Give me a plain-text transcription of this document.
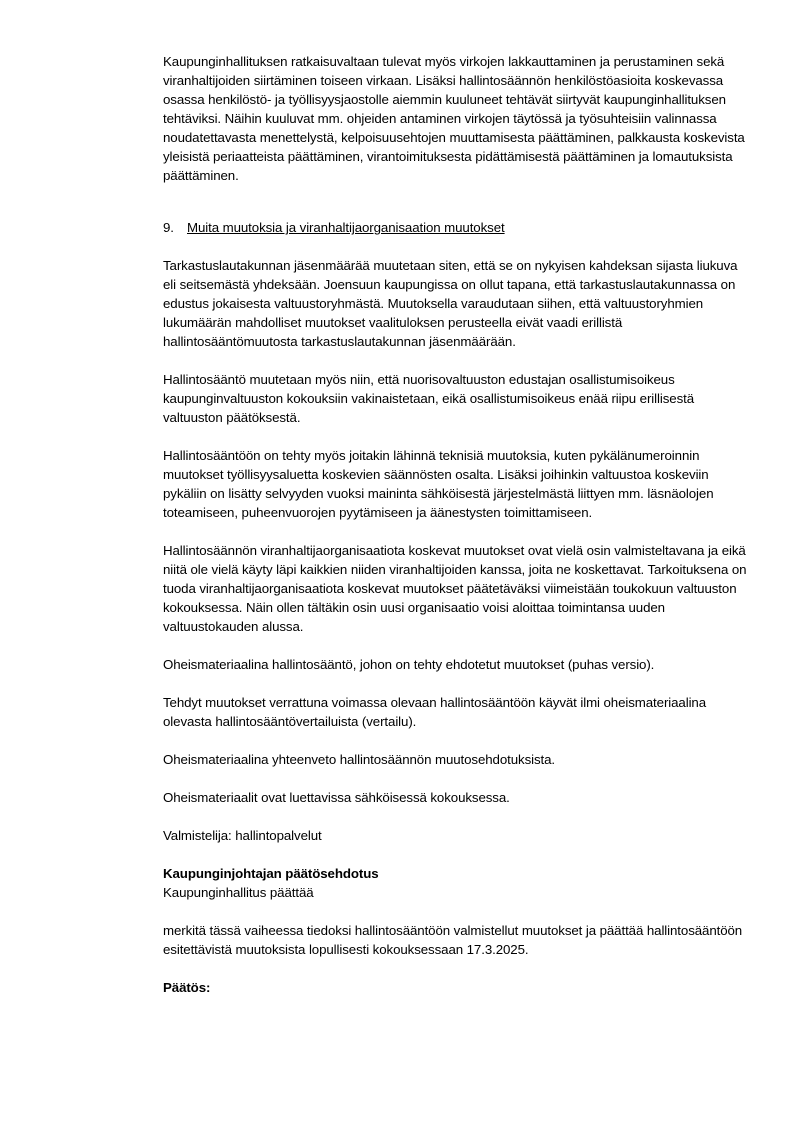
Kaupunginhallituksen ratkaisuvaltaan tulevat myös virkojen lakkauttaminen ja perustaminen sekä viranhaltijoiden siirtäminen toiseen virkaan. Lisäksi hallintosäännön henkilöstöasioita koskevassa osassa henkilöstö- ja työllisyysjaostolle aiemmin kuuluneet tehtävät siirtyvät kaupunginhallituksen tehtäviksi. Näihin kuuluvat mm. ohjeiden antaminen virkojen täytössä ja työsuhteisiin valinnassa noudatettavasta menettelystä, kelpoisuusehtojen muuttamisesta päättäminen, palkkausta koskevista yleisistä periaatteista päättäminen, virantoimituksesta pidättämisestä päättäminen ja lomautuksista päättäminen.

9. Muita muutoksia ja viranhaltijaorganisaation muutokset

Tarkastuslautakunnan jäsenmäärää muutetaan siten, että se on nykyisen kahdeksan sijasta liukuva eli seitsemästä yhdeksään. Joensuun kaupungissa on ollut tapana, että tarkastuslautakunnassa on edustus jokaisesta valtuustoryhmästä. Muutoksella varaudutaan siihen, että valtuustoryhmien lukumäärän mahdolliset muutokset vaalituloksen perusteella eivät vaadi erillistä hallintosääntömuutosta tarkastuslautakunnan jäsenmäärään.

Hallintosääntö muutetaan myös niin, että nuorisovaltuuston edustajan osallistumisoikeus kaupunginvaltuuston kokouksiin vakinaistetaan, eikä osallistumisoikeus enää riipu erillisestä valtuuston päätöksestä.

Hallintosääntöön on tehty myös joitakin lähinnä teknisiä muutoksia, kuten pykälänumeroinnin muutokset työllisyysaluetta koskevien säännösten osalta. Lisäksi joihinkin valtuustoa koskeviin pykäliin on lisätty selvyyden vuoksi maininta sähköisestä järjestelmästä liittyen mm. läsnäolojen toteamiseen, puheenvuorojen pyytämiseen ja äänestysten toimittamiseen.

Hallintosäännön viranhaltijaorganisaatiota koskevat muutokset ovat vielä osin valmisteltavana ja eikä niitä ole vielä käyty läpi kaikkien niiden viranhaltijoiden kanssa, joita ne koskettavat. Tarkoituksena on tuoda viranhaltijaorganisaatiota koskevat muutokset päätetäväksi viimeistään toukokuun valtuuston kokouksessa. Näin ollen tältäkin osin uusi organisaatio voisi aloittaa toimintansa uuden valtuustokauden alussa.

Oheismateriaalina hallintosääntö, johon on tehty ehdotetut muutokset (puhas versio).

Tehdyt muutokset verrattuna voimassa olevaan hallintosääntöön käyvät ilmi oheismateriaalina olevasta hallintosääntövertailuista (vertailu).

Oheismateriaalina yhteenveto hallintosäännön muutosehdotuksista.

Oheismateriaalit ovat luettavissa sähköisessä kokouksessa.

Valmistelija: hallintopalvelut

Kaupunginjohtajan päätösehdotus

Kaupunginhallitus päättää

merkitä tässä vaiheessa tiedoksi hallintosääntöön valmistellut muutokset ja päättää hallintosääntöön esitettävistä muutoksista lopullisesti kokouksessaan 17.3.2025.

Päätös:
